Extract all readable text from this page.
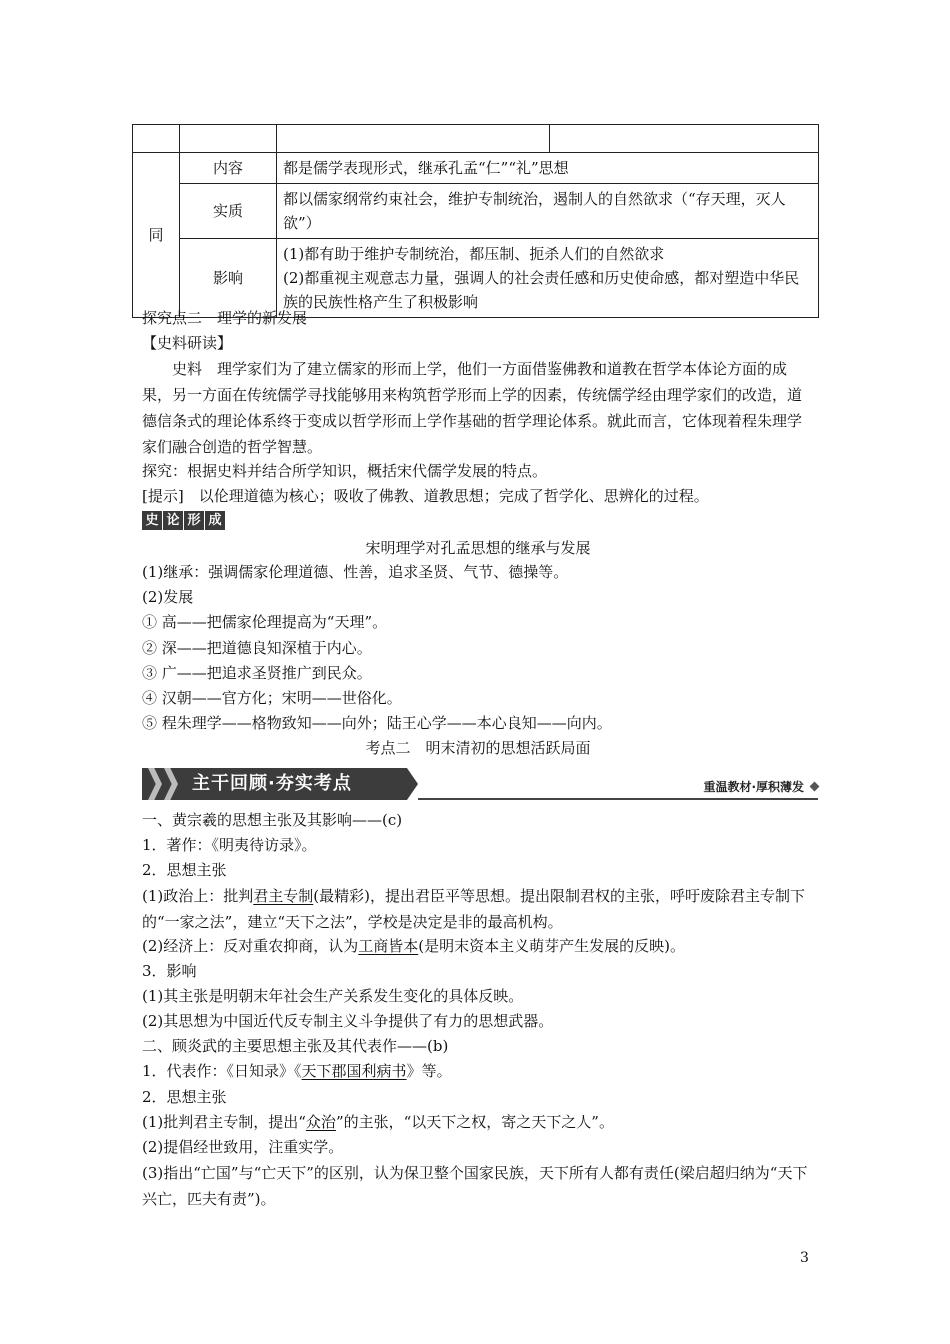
同	内容	都是儒学表现形式，继承孔孟“仁”“礼”思想	
	实质	都以儒家纲常约束社会，维护专制统治，遏制人的自然欲求（“存天理，灭人欲”）	
	影响	(1)都有助于维护专制统治，都压制、扼杀人们的自然欲求
(2)都重视主观意志力量，强调人的社会责任感和历史使命感，都对塑造中华民族的民族性格产生了积极影响	
探究点二　理学的新发展
【史料研读】
史料　理学家们为了建立儒家的形而上学，他们一方面借鉴佛教和道教在哲学本体论方面的成果，另一方面在传统儒学寻找能够用来构筑哲学形而上学的因素，传统儒学经由理学家们的改造，道德信条式的理论体系终于变成以哲学形而上学作基础的哲学理论体系。就此而言，它体现着程朱理学家们融合创造的哲学智慧。
探究：根据史料并结合所学知识，概括宋代儒学发展的特点。
[提示]　以伦理道德为核心；吸收了佛教、道教思想；完成了哲学化、思辨化的过程。
史 论 形 成
宋明理学对孔孟思想的继承与发展
(1)继承：强调儒家伦理道德、性善，追求圣贤、气节、德操等。
(2)发展
① 高——把儒家伦理提高为“天理”。
② 深——把道德良知深植于内心。
③ 广——把追求圣贤推广到民众。
④ 汉朝——官方化；宋明——世俗化。
⑤ 程朱理学——格物致知——向外；陆王心学——本心良知——向内。
考点二　明末清初的思想活跃局面
主干回顾·夯实考点	重温教材·厚积薄发
一、黄宗羲的思想主张及其影响——(c)
1．著作：《明夷待访录》。
2．思想主张
(1)政治上：批判君主专制(最精彩)，提出君臣平等思想。提出限制君权的主张，呼吁废除君主专制下的“一家之法”，建立“天下之法”，学校是决定是非的最高机构。
(2)经济上：反对重农抑商，认为工商皆本(是明末资本主义萌芽产生发展的反映)。
3．影响
(1)其主张是明朝末年社会生产关系发生变化的具体反映。
(2)其思想为中国近代反专制主义斗争提供了有力的思想武器。
二、顾炎武的主要思想主张及其代表作——(b)
1．代表作：《日知录》《天下郡国利病书》等。
2．思想主张
(1)批判君主专制，提出“众治”的主张，“以天下之权，寄之天下之人”。
(2)提倡经世致用，注重实学。
(3)指出“亡国”与“亡天下”的区别，认为保卫整个国家民族，天下所有人都有责任(梁启超归纳为“天下兴亡，匹夫有责”)。
3
